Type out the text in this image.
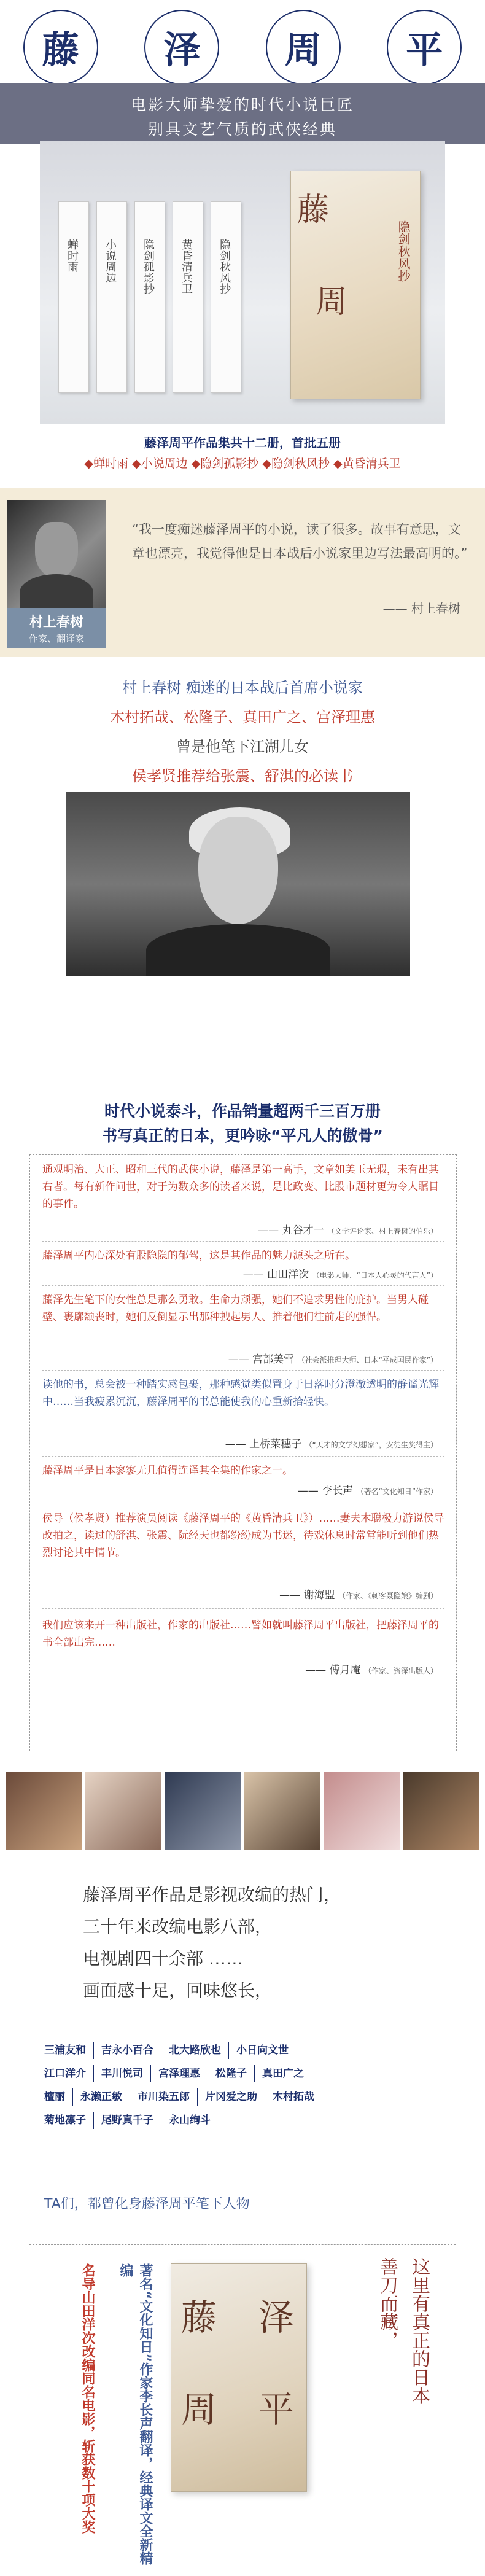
藤	泽	周	平
电影大师挚爱的时代小说巨匠
别具文艺气质的武侠经典
蝉时雨 小说周边 隐剑孤影抄 黄昏清兵卫 隐剑秋风抄
藤
周
隐剑秋风抄
藤泽周平作品集共十二册，首批五册
◆蝉时雨 ◆小说周边 ◆隐剑孤影抄 ◆隐剑秋风抄 ◆黄昏清兵卫
村上春树
作家、翻译家
“我一度痴迷藤泽周平的小说，读了很多。故事有意思，文章也漂亮，我觉得他是日本战后小说家里边写法最高明的。”
—— 村上春树
村上春树 痴迷的日本战后首席小说家
木村拓哉、松隆子、真田广之、宫泽理惠
曾是他笔下江湖儿女
侯孝贤推荐给张震、舒淇的必读书
时代小说泰斗，作品销量超两千三百万册
书写真正的日本，更吟咏“平凡人的傲骨”
通观明治、大正、昭和三代的武侠小说，藤泽是第一高手，文章如美玉无瑕，未有出其右者。每有新作问世，对于为数众多的读者来说，是比政变、比股市题材更为令人瞩目的事件。
—— 丸谷才一 （文学评论家、村上春树的伯乐）
藤泽周平内心深处有股隐隐的郁驾，这是其作品的魅力源头之所在。
—— 山田洋次 （电影大师、“日本人心灵的代言人”）
藤泽先生笔下的女性总是那么勇敢。生命力顽强，她们不追求男性的庇护。当男人碰壁、裹廓颓丧时，她们反倒显示出那种拽起男人、推着他们往前走的强悍。
—— 宫部美雪 （社会派推理大师、日本“平成国民作家”）
读他的书，总会被一种踏实感包裹，那种感觉类似置身于日落时分澄澈透明的静谧光辉中……当我疲累沉沉，藤泽周平的书总能使我的心重新拾轻快。
—— 上桥菜穗子 （“天才的文学幻想家”，安徒生奖得主）
藤泽周平是日本寥寥无几值得连译其全集的作家之一。
—— 李长声 （著名“文化知日”作家）
侯导（侯孝贤）推荐演员阅读《藤泽周平的《黄昏清兵卫》）……妻夫木聪极力游说侯导改拍之，读过的舒淇、张震、阮经天也都纷纷成为书迷，待戏休息时常常能听到他们热烈讨论其中情节。
—— 谢海盟 （作家、《刺客聂隐娘》编剧）
我们应该来开一种出版社，作家的出版社……譬如就叫藤泽周平出版社，把藤泽周平的书全部出完……
—— 傅月庵 （作家、资深出版人）
藤泽周平作品是影视改编的热门，
三十年来改编电影八部，
电视剧四十余部 ……
画面感十足，回味悠长，
三浦友和	吉永小百合	北大路欣也	小日向文世
江口洋介	丰川悦司	宫泽理惠	松隆子	真田广之
檀丽	永濑正敏	市川染五郎	片冈爱之助	木村拓哉
菊地凛子	尾野真千子	永山绚斗
TA们，都曾化身藤泽周平笔下人物
名导山田洋次改编同名电影，斩获数十项大奖	著名“文化知日”作家李长声翻译，经典译文全新精编
藤
周
泽
平
善刀而藏， 这里有真正的日本
